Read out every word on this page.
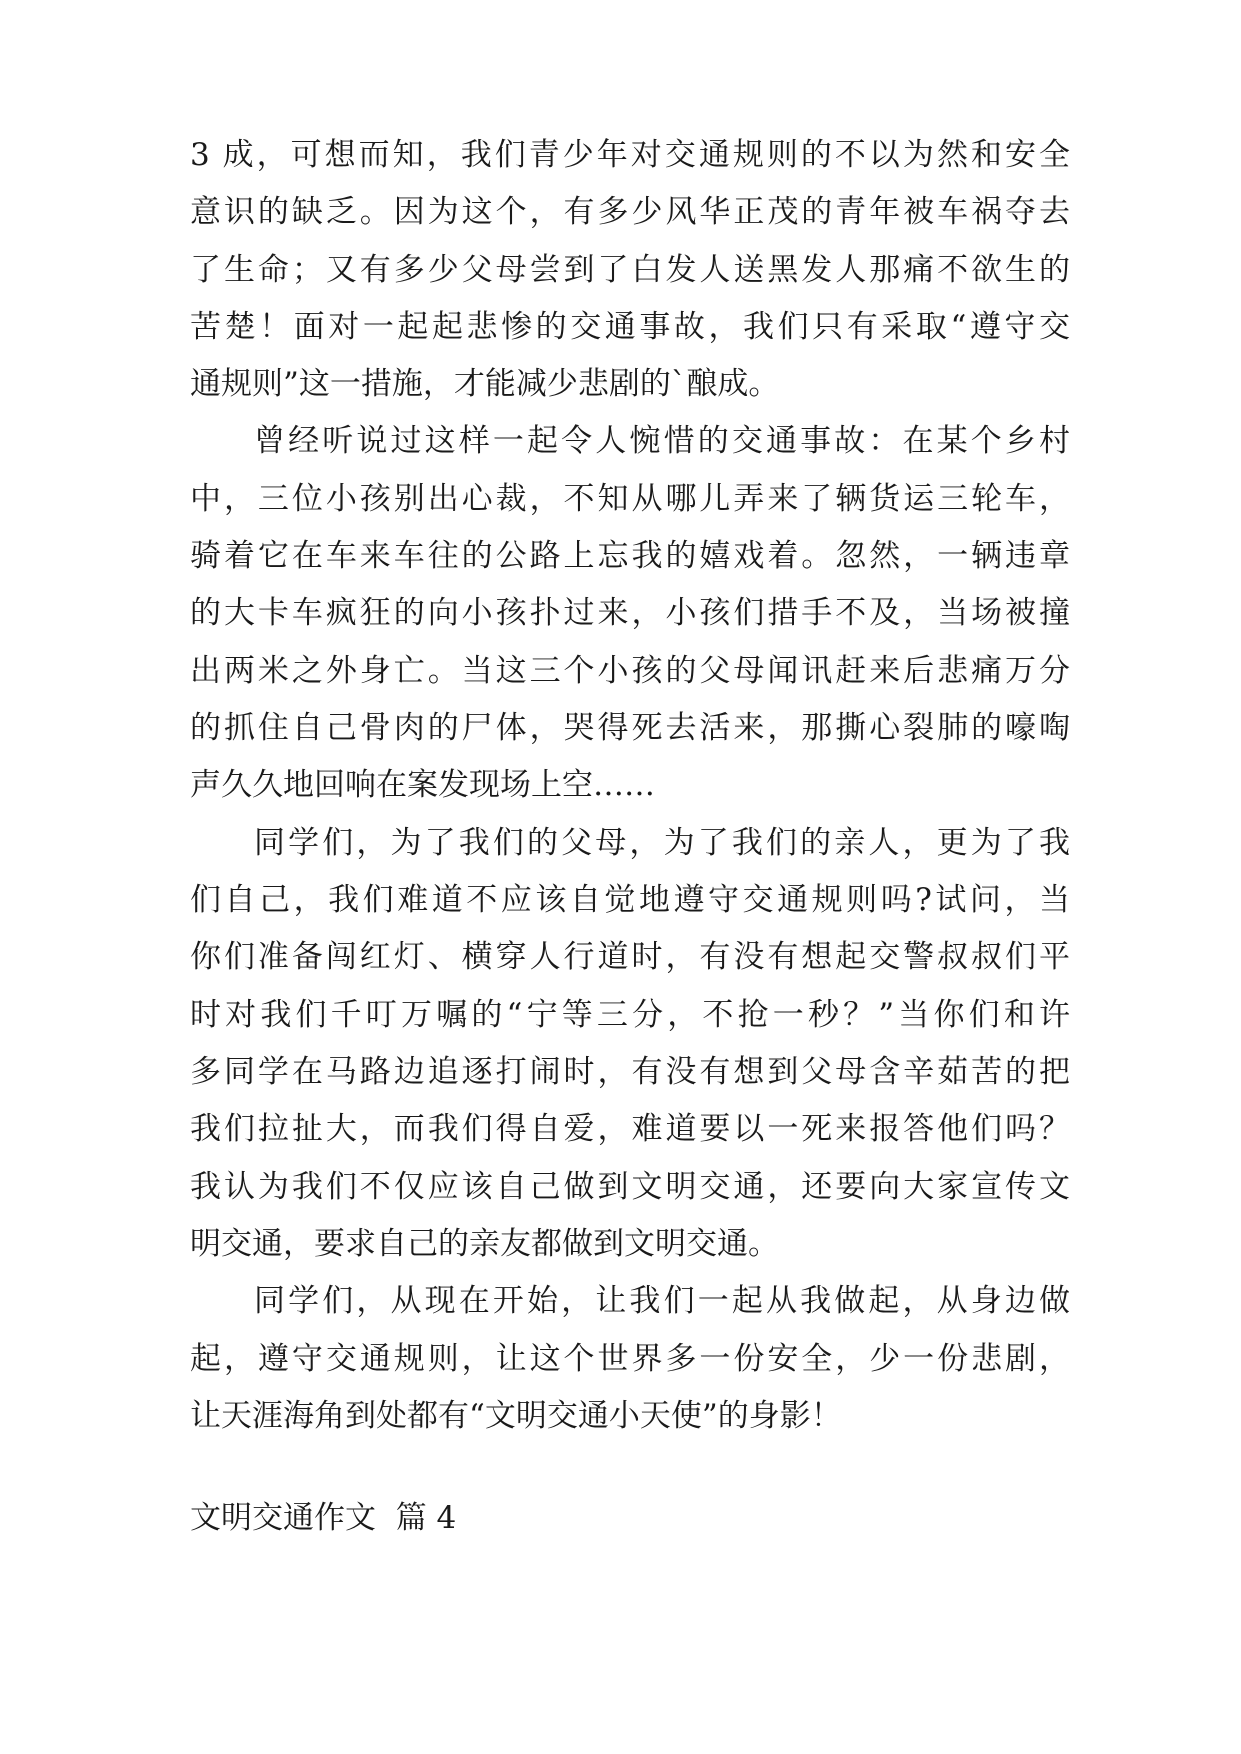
3 成，可想而知，我们青少年对交通规则的不以为然和安全
意识的缺乏。因为这个，有多少风华正茂的青年被车祸夺去
了生命；又有多少父母尝到了白发人送黑发人那痛不欲生的
苦楚！面对一起起悲惨的交通事故，我们只有采取“遵守交
通规则”这一措施，才能减少悲剧的`酿成。
曾经听说过这样一起令人惋惜的交通事故：在某个乡村
中，三位小孩别出心裁，不知从哪儿弄来了辆货运三轮车，
骑着它在车来车往的公路上忘我的嬉戏着。忽然，一辆违章
的大卡车疯狂的向小孩扑过来，小孩们措手不及，当场被撞
出两米之外身亡。当这三个小孩的父母闻讯赶来后悲痛万分
的抓住自己骨肉的尸体，哭得死去活来，那撕心裂肺的嚎啕
声久久地回响在案发现场上空……
同学们，为了我们的父母，为了我们的亲人，更为了我
们自己，我们难道不应该自觉地遵守交通规则吗?试问，当
你们准备闯红灯、横穿人行道时，有没有想起交警叔叔们平
时对我们千叮万嘱的“宁等三分，不抢一秒？”当你们和许
多同学在马路边追逐打闹时，有没有想到父母含辛茹苦的把
我们拉扯大，而我们得自爱，难道要以一死来报答他们吗？
我认为我们不仅应该自己做到文明交通，还要向大家宣传文
明交通，要求自己的亲友都做到文明交通。
同学们，从现在开始，让我们一起从我做起，从身边做
起，遵守交通规则，让这个世界多一份安全，少一份悲剧，
让天涯海角到处都有“文明交通小天使”的身影！
文明交通作文  篇 4
